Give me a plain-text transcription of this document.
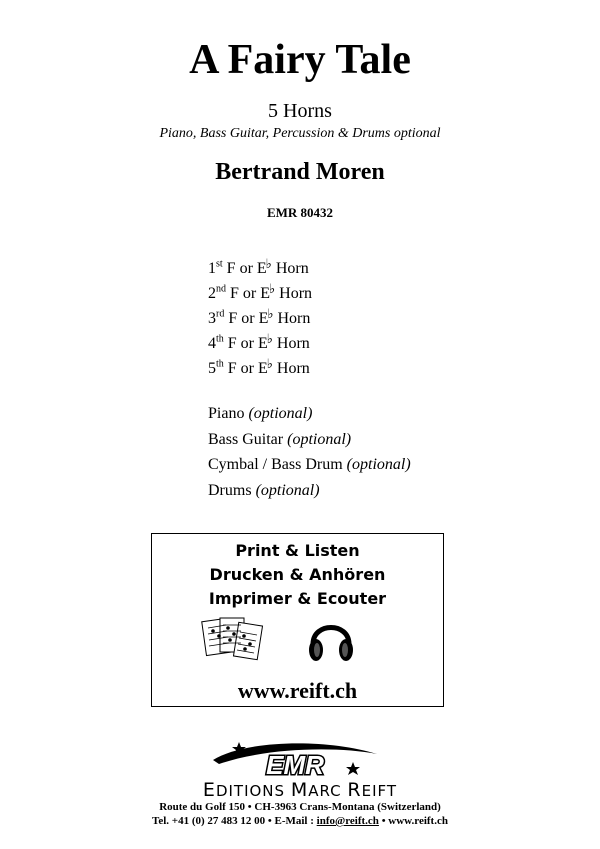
A Fairy Tale
5 Horns
Piano, Bass Guitar, Percussion & Drums optional
Bertrand Moren
EMR 80432
1st F or E♭ Horn
2nd F or E♭ Horn
3rd F or E♭ Horn
4th F or E♭ Horn
5th F or E♭ Horn
Piano (optional)
Bass Guitar (optional)
Cymbal / Bass Drum (optional)
Drums (optional)
Print & Listen
Drucken & Anhören
Imprimer & Ecouter
www.reift.ch
EMR
EDITIONS MARC REIFT
Route du Golf 150 • CH-3963 Crans-Montana (Switzerland)
Tel. +41 (0) 27 483 12 00 • E-Mail : info@reift.ch • www.reift.ch
